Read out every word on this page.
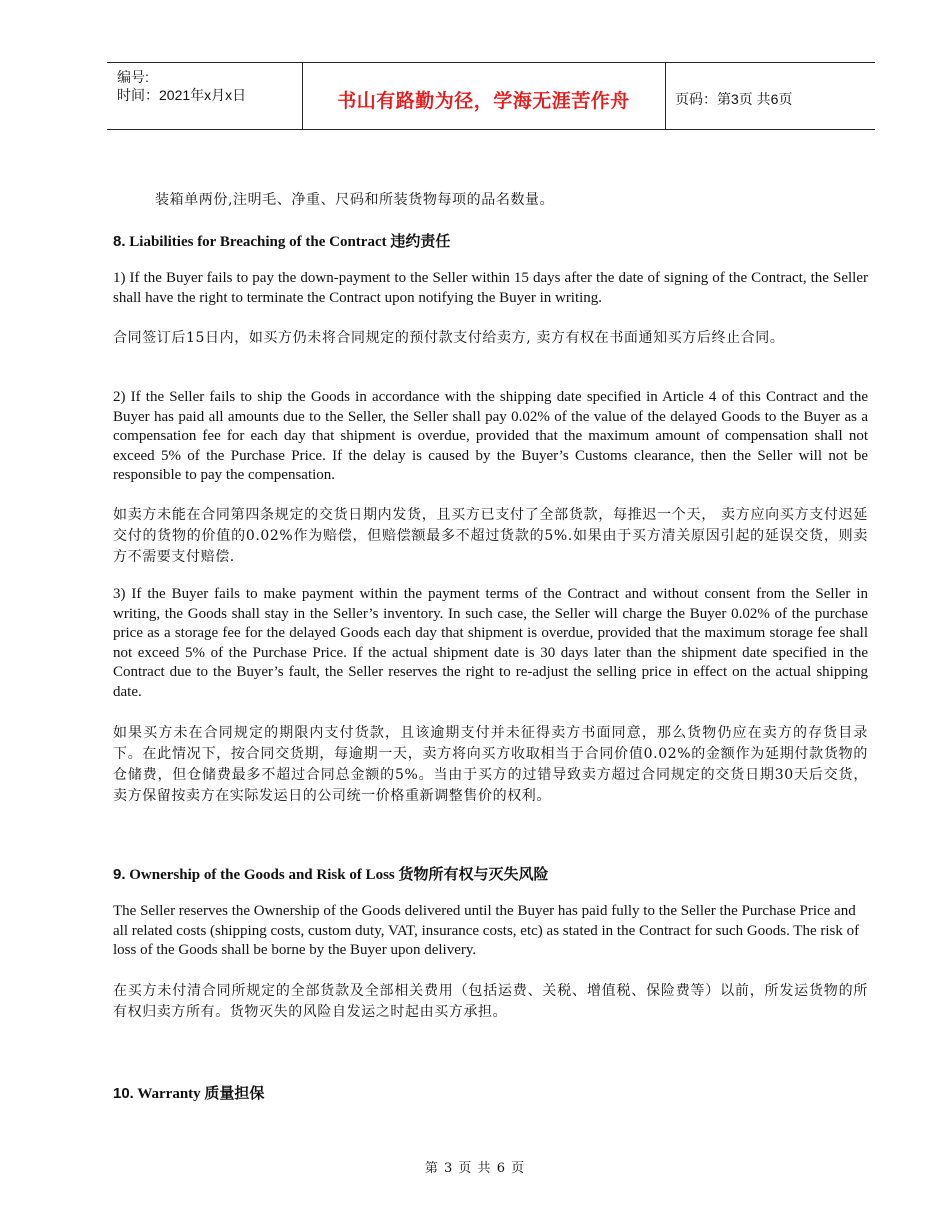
编号:
时间：2021年x月x日	书山有路勤为径，学海无涯苦作舟	页码：第3页 共6页

装箱单两份,注明毛、净重、尺码和所装货物每项的品名数量。

8. Liabilities for Breaching of the Contract 违约责任

1) If the Buyer fails to pay the down-payment to the Seller within 15 days after the date of signing of the Contract, the Seller shall have the right to terminate the Contract upon notifying the Buyer in writing.

合同签订后15日内，如买方仍未将合同规定的预付款支付给卖方, 卖方有权在书面通知买方后终止合同。

2) If the Seller fails to ship the Goods in accordance with the shipping date specified in Article 4 of this Contract and the Buyer has paid all amounts due to the Seller, the Seller shall pay 0.02% of the value of the delayed Goods to the Buyer as a compensation fee for each day that shipment is overdue, provided that the maximum amount of compensation shall not exceed 5% of the Purchase Price. If the delay is caused by the Buyer’s Customs clearance, then the Seller will not be responsible to pay the compensation.

如卖方未能在合同第四条规定的交货日期内发货，且买方已支付了全部货款，每推迟一个天， 卖方应向买方支付迟延交付的货物的价值的0.02%作为赔偿，但赔偿额最多不超过货款的5%.如果由于买方清关原因引起的延误交货，则卖方不需要支付赔偿.

3) If the Buyer fails to make payment within the payment terms of the Contract and without consent from the Seller in writing, the Goods shall stay in the Seller’s inventory. In such case, the Seller will charge the Buyer 0.02% of the purchase price as a storage fee for the delayed Goods each day that shipment is overdue, provided that the maximum storage fee shall not exceed 5% of the Purchase Price. If the actual shipment date is 30 days later than the shipment date specified in the Contract due to the Buyer’s fault, the Seller reserves the right to re-adjust the selling price in effect on the actual shipping date.

如果买方未在合同规定的期限内支付货款，且该逾期支付并未征得卖方书面同意，那么货物仍应在卖方的存货目录下。在此情况下，按合同交货期，每逾期一天，卖方将向买方收取相当于合同价值0.02%的金额作为延期付款货物的仓储费，但仓储费最多不超过合同总金额的5%。当由于买方的过错导致卖方超过合同规定的交货日期30天后交货，卖方保留按卖方在实际发运日的公司统一价格重新调整售价的权利。

9. Ownership of the Goods and Risk of Loss 货物所有权与灭失风险

The Seller reserves the Ownership of the Goods delivered until the Buyer has paid fully to the Seller the Purchase Price and all related costs (shipping costs, custom duty, VAT, insurance costs, etc) as stated in the Contract for such Goods. The risk of loss of the Goods shall be borne by the Buyer upon delivery.

在买方未付清合同所规定的全部货款及全部相关费用（包括运费、关税、增值税、保险费等）以前，所发运货物的所有权归卖方所有。货物灭失的风险自发运之时起由买方承担。

10. Warranty 质量担保

第 3 页 共 6 页
